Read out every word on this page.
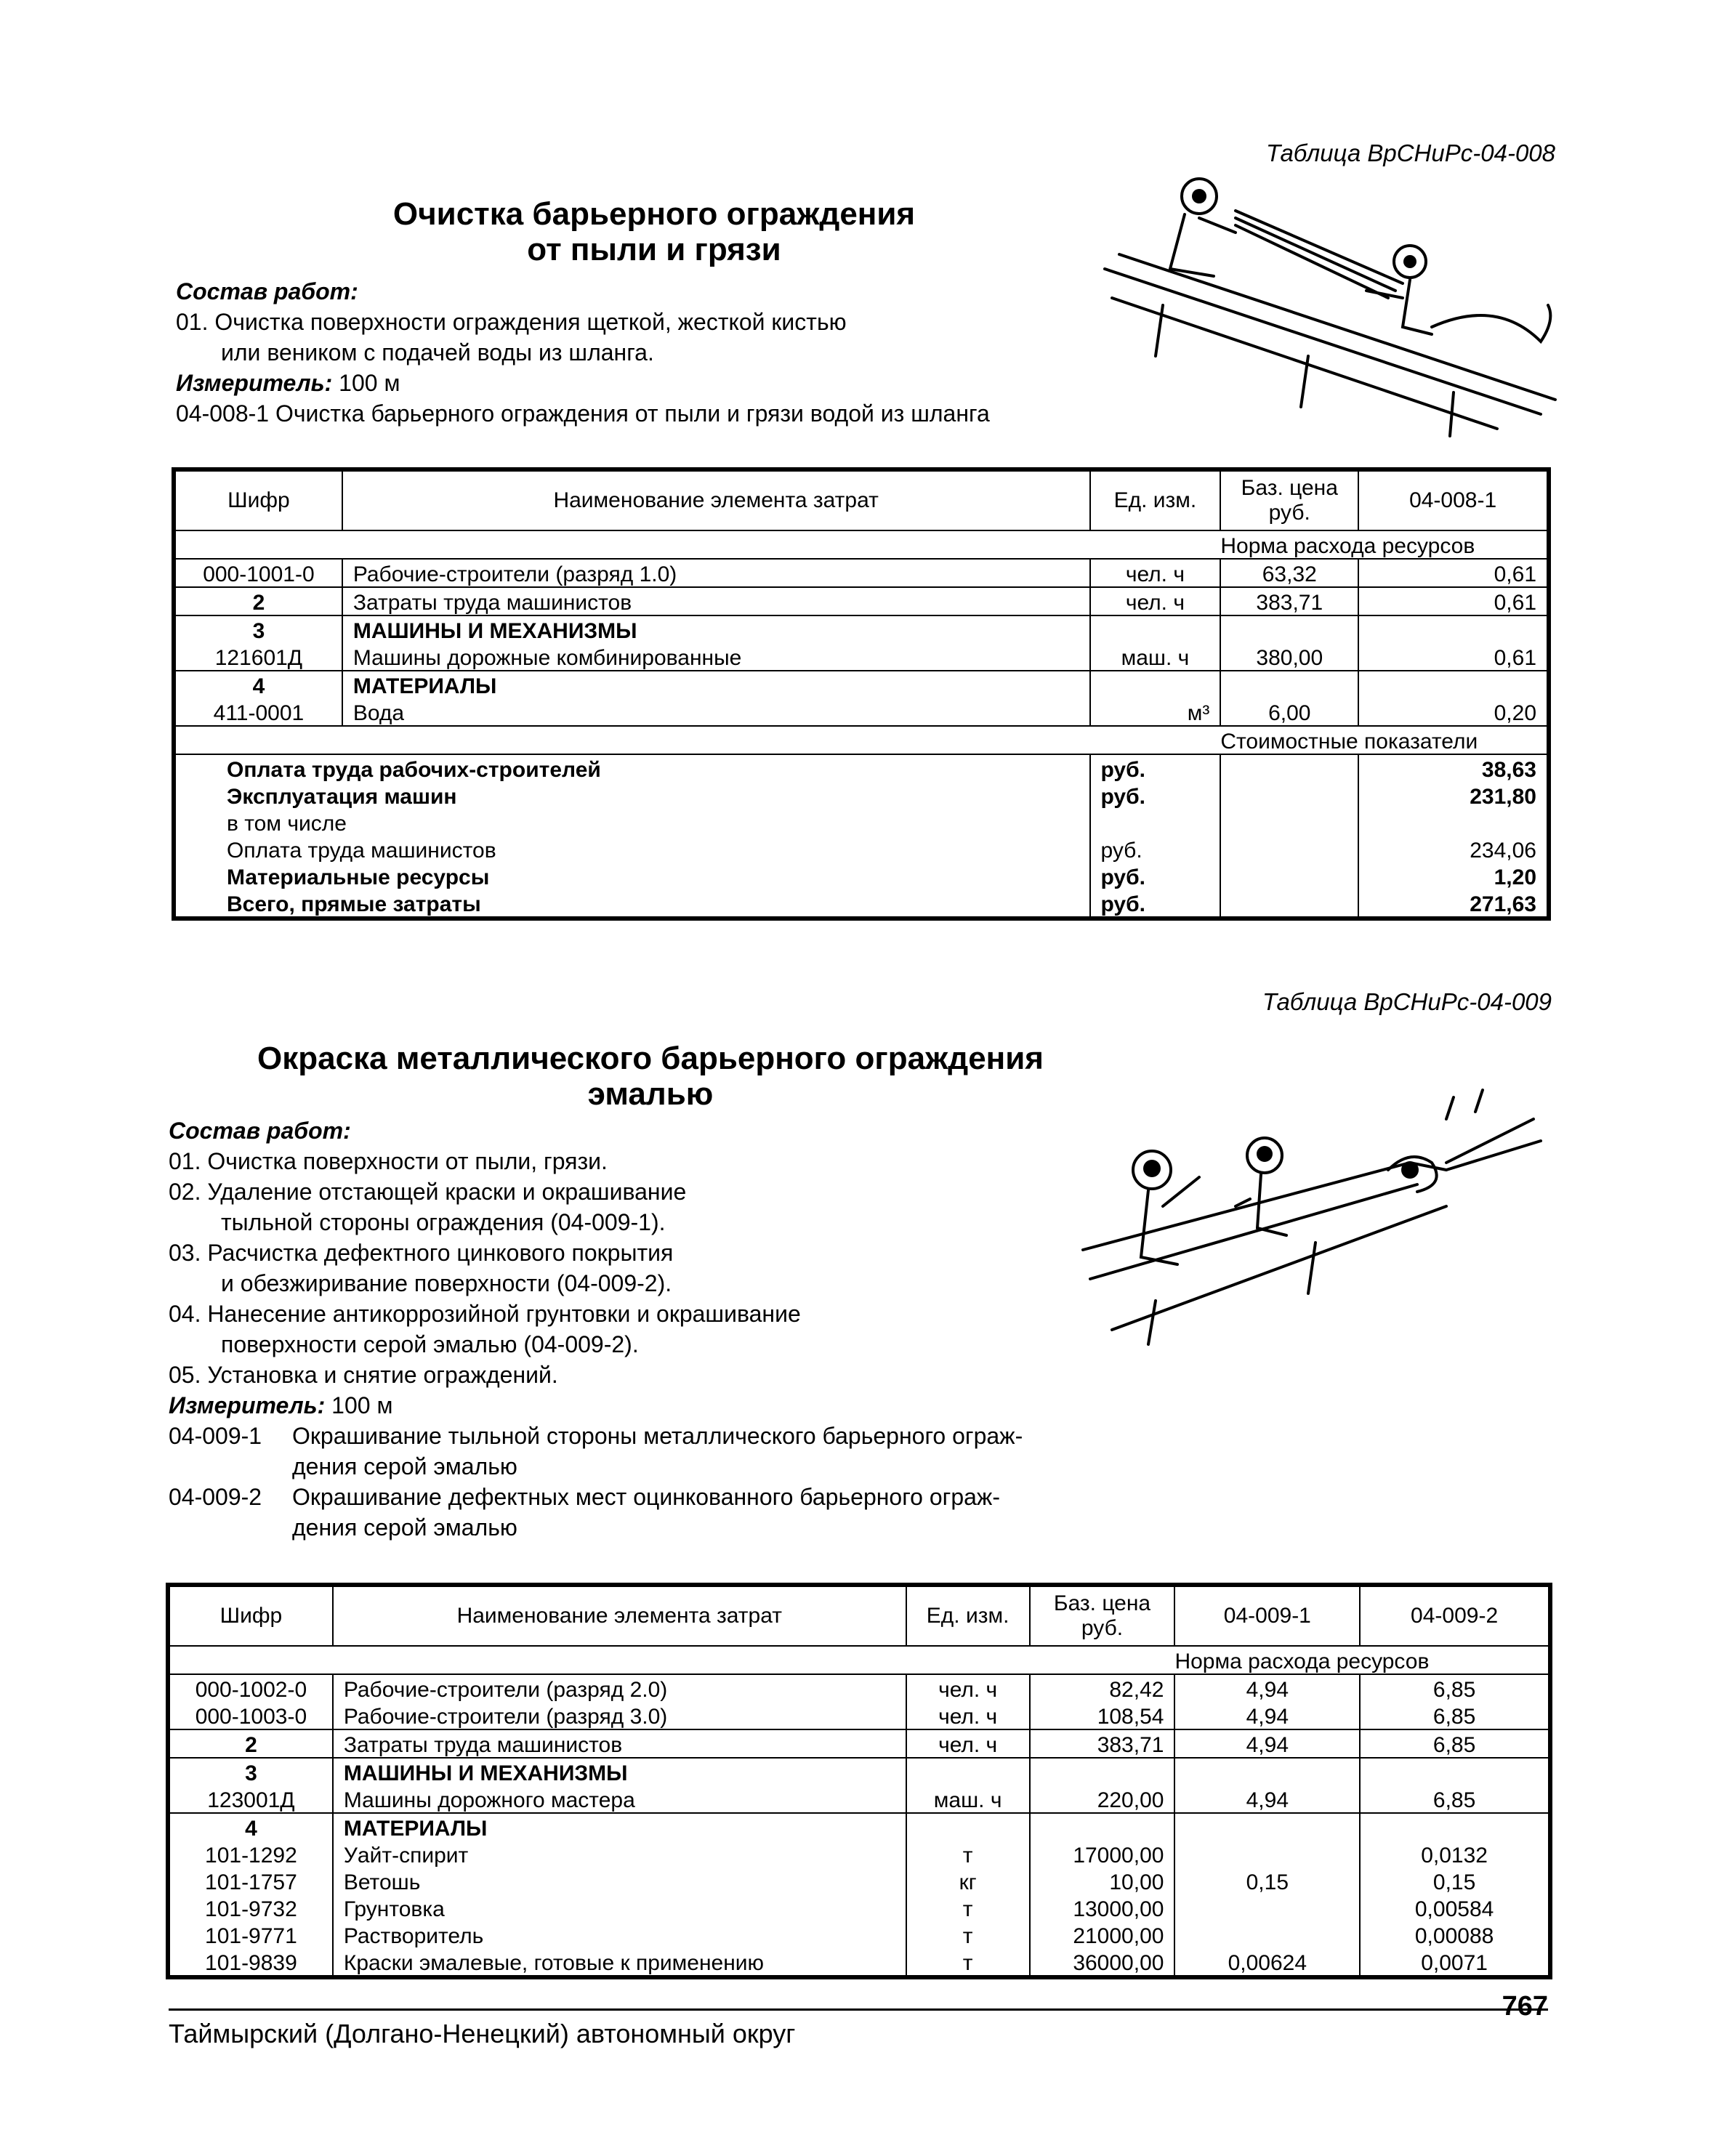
Таблица ВрСНиРс-04-008
Очистка барьерного ограждения
от пыли и грязи

Состав работ:

01. Очистка поверхности ограждения щеткой, жесткой кистью

или веником с подачей воды из шланга.

Измеритель: 100 м

04-008-1 Очистка барьерного ограждения от пыли и грязи водой из шланга

Шифр	Наименование элемента затрат	Ед. изм.	Баз. цена руб.	04-008-1
			Норма расхода ресурсов	
000-1001-0	Рабочие-строители (разряд 1.0)	чел. ч	63,32	0,61
2	Затраты труда машинистов	чел. ч	383,71	0,61
3	МАШИНЫ И МЕХАНИЗМЫ			
121601Д	Машины дорожные комбинированные	маш. ч	380,00	0,61
4	МАТЕРИАЛЫ			
411-0001	Вода	м³	6,00	0,20
			Стоимостные показатели	
Оплата труда рабочих-строителей		руб.		38,63
Эксплуатация машин		руб.		231,80
в том числе				
Оплата труда машинистов		руб.		234,06
Материальные ресурсы		руб.		1,20
Всего, прямые затраты		руб.		271,63
Таблица ВрСНиРс-04-009
Окраска металлического барьерного ограждения
эмалью

Состав работ:

01. Очистка поверхности от пыли, грязи.

02. Удаление отстающей краски и окрашивание

тыльной стороны ограждения (04-009-1).

03. Расчистка дефектного цинкового покрытия

и обезжиривание поверхности (04-009-2).

04. Нанесение антикоррозийной грунтовки и окрашивание

поверхности серой эмалью (04-009-2).

05. Установка и снятие ограждений.

Измеритель: 100 м

04-009-1	Окрашивание тыльной стороны металлического барьерного ограж-

дения серой эмалью

04-009-2	Окрашивание дефектных мест оцинкованного барьерного ограж-

дения серой эмалью

Шифр	Наименование элемента затрат	Ед. изм.	Баз. цена руб.	04-009-1	04-009-2
				Норма расхода ресурсов	
000-1002-0	Рабочие-строители (разряд 2.0)	чел. ч	82,42	4,94	6,85
000-1003-0	Рабочие-строители (разряд 3.0)	чел. ч	108,54	4,94	6,85
2	Затраты труда машинистов	чел. ч	383,71	4,94	6,85
3	МАШИНЫ И МЕХАНИЗМЫ				
123001Д	Машины дорожного мастера	маш. ч	220,00	4,94	6,85
4	МАТЕРИАЛЫ				
101-1292	Уайт-спирит	т	17000,00		0,0132
101-1757	Ветошь	кг	10,00	0,15	0,15
101-9732	Грунтовка	т	13000,00		0,00584
101-9771	Растворитель	т	21000,00		0,00088
101-9839	Краски эмалевые, готовые к применению	т	36000,00	0,00624	0,0071
Таймырский (Долгано-Ненецкий) автономный округ
767
